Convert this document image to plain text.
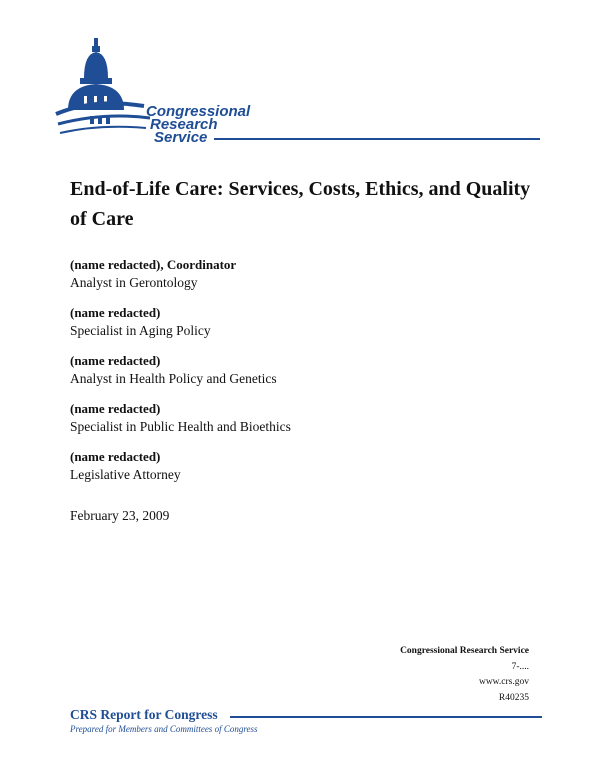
Congressional
Research
Service
End-of-Life Care: Services, Costs, Ethics, and Quality of Care
(name redacted), Coordinator
Analyst in Gerontology
(name redacted)
Specialist in Aging Policy
(name redacted)
Analyst in Health Policy and Genetics
(name redacted)
Specialist in Public Health and Bioethics
(name redacted)
Legislative Attorney
February 23, 2009
Congressional Research Service
7-....
www.crs.gov
R40235
CRS Report for Congress
Prepared for Members and Committees of Congress
